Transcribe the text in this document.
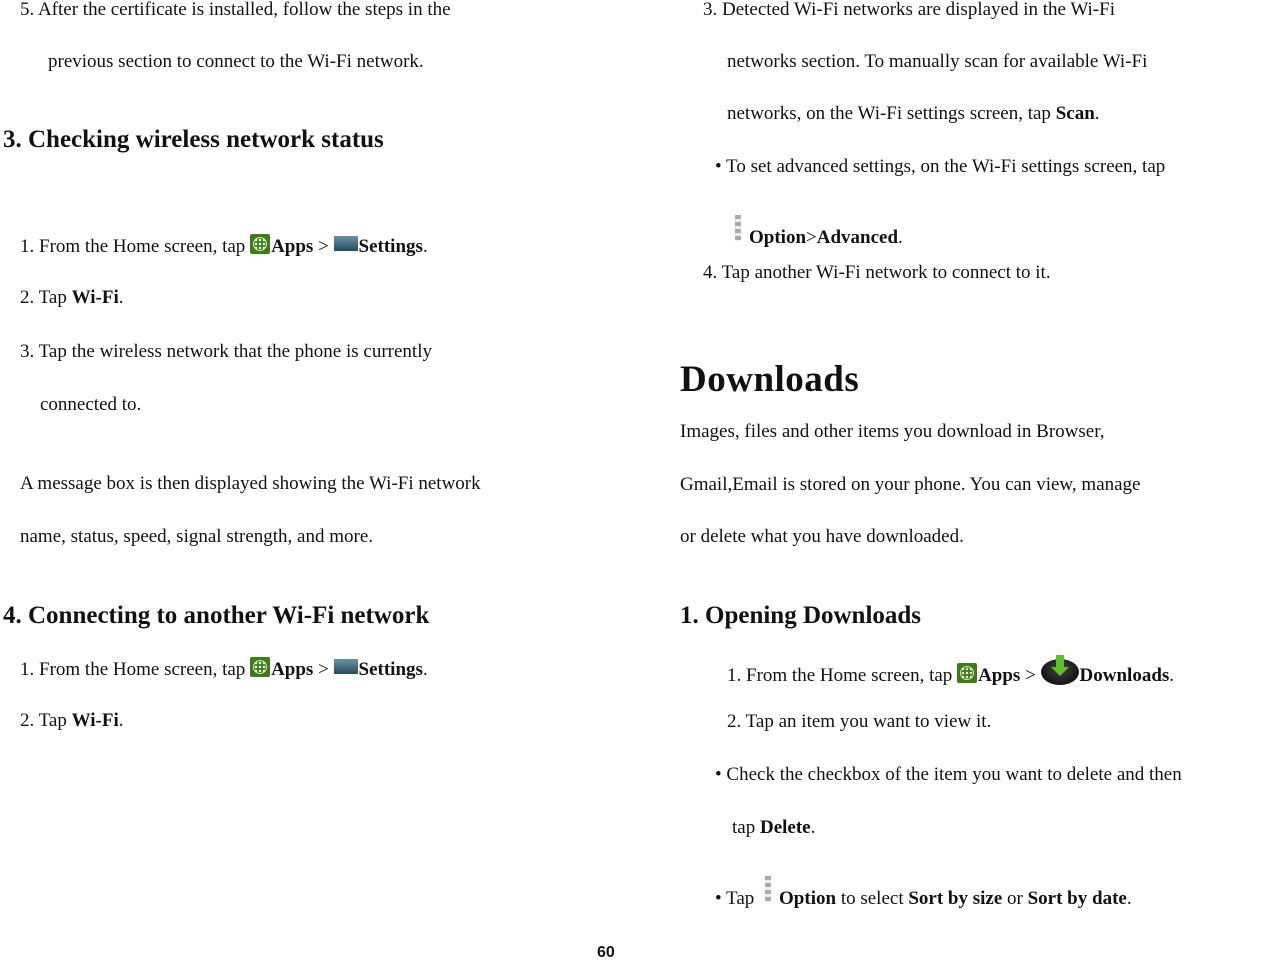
5. After the certificate is installed, follow the steps in the
previous section to connect to the Wi-Fi network.
3. Checking wireless network status
1. From the Home screen, tap Apps > Settings.
2. Tap Wi-Fi.
3. Tap the wireless network that the phone is currently
connected to.
A message box is then displayed showing the Wi-Fi network
name, status, speed, signal strength, and more.
4. Connecting to another Wi-Fi network
1. From the Home screen, tap Apps > Settings.
2. Tap Wi-Fi.
3. Detected Wi-Fi networks are displayed in the Wi-Fi
networks section. To manually scan for available Wi-Fi
networks, on the Wi-Fi settings screen, tap Scan.
• To set advanced settings, on the Wi-Fi settings screen, tap
Option>Advanced.
4. Tap another Wi-Fi network to connect to it.
Downloads
Images, files and other items you download in Browser,
Gmail,Email is stored on your phone. You can view, manage
or delete what you have downloaded.
1. Opening Downloads
1. From the Home screen, tap Apps > Downloads.
2. Tap an item you want to view it.
• Check the checkbox of the item you want to delete and then
tap Delete.
• Tap Option to select Sort by size or Sort by date.
60
